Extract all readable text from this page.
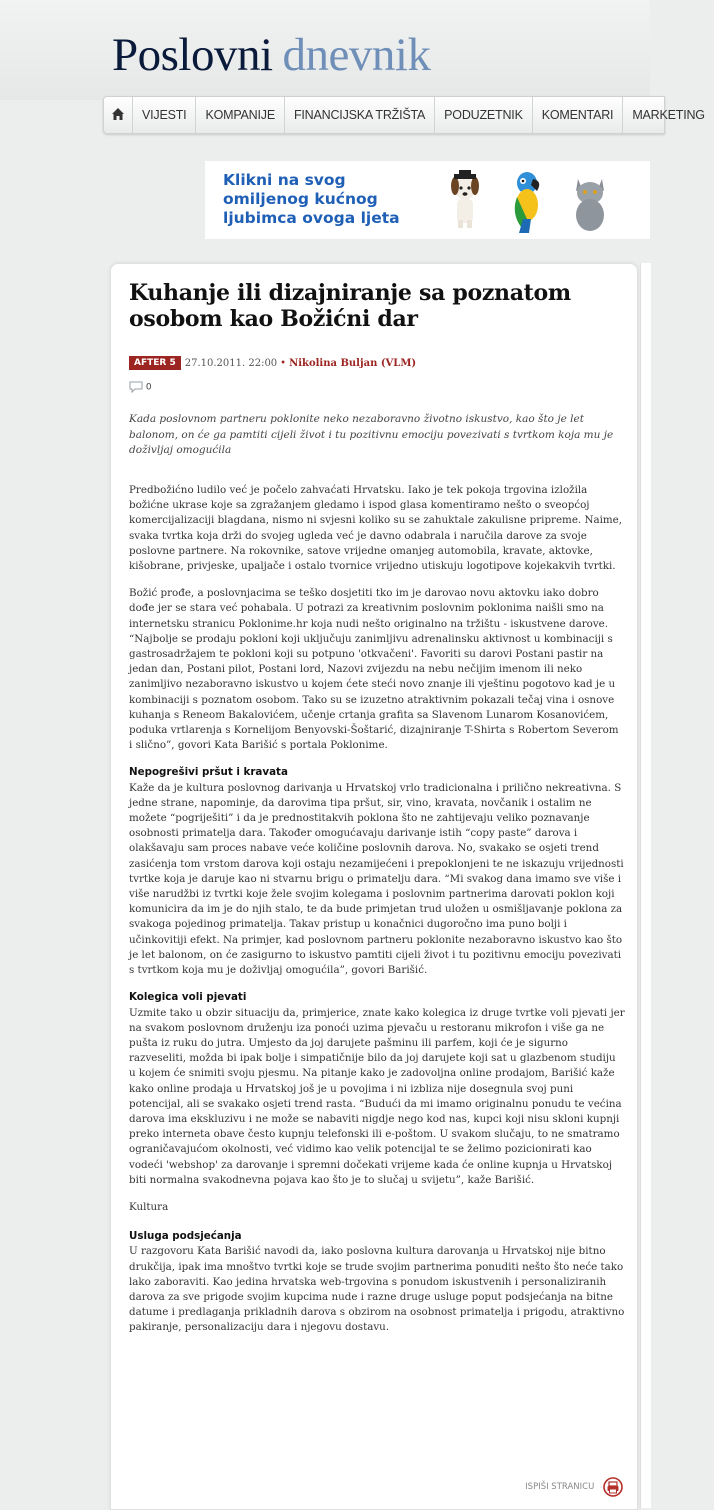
Poslovni dnevnik
VIJESTI KOMPANIJE FINANCIJSKA TRŽIŠTA PODUZETNIK KOMENTARI MARKETING
Klikni na svog
omiljenog kućnog
ljubimca ovoga ljeta
Kuhanje ili dizajniranje sa poznatom osobom kao Božićni dar
AFTER 5 27.10.2011. 22:00 • Nikolina Buljan (VLM)
0
Kada poslovnom partneru poklonite neko nezaboravno životno iskustvo, kao što je let balonom, on će ga pamtiti cijeli život i tu pozitivnu emociju povezivati s tvrtkom koja mu je doživljaj omogućila

Predbožićno ludilo već je počelo zahvaćati Hrvatsku. Iako je tek pokoja trgovina izložila božićne ukrase koje sa zgražanjem gledamo i ispod glasa komentiramo nešto o sveopćoj komercijalizaciji blagdana, nismo ni svjesni koliko su se zahuktale zakulisne pripreme. Naime, svaka tvrtka koja drži do svojeg ugleda već je davno odabrala i naručila darove za svoje poslovne partnere. Na rokovnike, satove vrijedne omanjeg automobila, kravate, aktovke, kišobrane, privjeske, upaljače i ostalo tvornice vrijedno utiskuju logotipove kojekakvih tvrtki.

Božić prođe, a poslovnjacima se teško dosjetiti tko im je darovao novu aktovku iako dobro dođe jer se stara već pohabala. U potrazi za kreativnim poslovnim poklonima naišli smo na internetsku stranicu Poklonime.hr koja nudi nešto originalno na tržištu - iskustvene darove. “Najbolje se prodaju pokloni koji uključuju zanimljivu adrenalinsku aktivnost u kombinaciji s gastrosadržajem te pokloni koji su potpuno 'otkvačeni'. Favoriti su darovi Postani pastir na jedan dan, Postani pilot, Postani lord, Nazovi zvijezdu na nebu nečijim imenom ili neko zanimljivo nezaboravno iskustvo u kojem ćete steći novo znanje ili vještinu pogotovo kad je u kombinaciji s poznatom osobom. Tako su se izuzetno atraktivnim pokazali tečaj vina i osnove kuhanja s Reneom Bakalovićem, učenje crtanja grafita sa Slavenom Lunarom Kosanovićem, poduka vrtlarenja s Kornelijom Benyovski-Šoštarić, dizajniranje T-Shirta s Robertom Severom i slično”, govori Kata Barišić s portala Poklonime.

Nepogrešivi pršut i kravata

Kaže da je kultura poslovnog darivanja u Hrvatskoj vrlo tradicionalna i prilično nekreativna. S jedne strane, napominje, da darovima tipa pršut, sir, vino, kravata, novčanik i ostalim ne možete “pogriješiti” i da je prednostitakvih poklona što ne zahtijevaju veliko poznavanje osobnosti primatelja dara. Također omogućavaju darivanje istih “copy paste” darova i olakšavaju sam proces nabave veće količine poslovnih darova. No, svakako se osjeti trend zasićenja tom vrstom darova koji ostaju nezamijećeni i prepoklonjeni te ne iskazuju vrijednosti tvrtke koja je daruje kao ni stvarnu brigu o primatelju dara. “Mi svakog dana imamo sve više i više narudžbi iz tvrtki koje žele svojim kolegama i poslovnim partnerima darovati poklon koji komunicira da im je do njih stalo, te da bude primjetan trud uložen u osmišljavanje poklona za svakoga pojedinog primatelja. Takav pristup u konačnici dugoročno ima puno bolji i učinkovitiji efekt. Na primjer, kad poslovnom partneru poklonite nezaboravno iskustvo kao što je let balonom, on će zasigurno to iskustvo pamtiti cijeli život i tu pozitivnu emociju povezivati s tvrtkom koja mu je doživljaj omogućila”, govori Barišić.

Kolegica voli pjevati

Uzmite tako u obzir situaciju da, primjerice, znate kako kolegica iz druge tvrtke voli pjevati jer na svakom poslovnom druženju iza ponoći uzima pjevaču u restoranu mikrofon i više ga ne pušta iz ruku do jutra. Umjesto da joj darujete pašminu ili parfem, koji će je sigurno razveseliti, možda bi ipak bolje i simpatičnije bilo da joj darujete koji sat u glazbenom studiju u kojem će snimiti svoju pjesmu. Na pitanje kako je zadovoljna online prodajom, Barišić kaže kako online prodaja u Hrvatskoj još je u povojima i ni izbliza nije dosegnula svoj puni potencijal, ali se svakako osjeti trend rasta. “Budući da mi imamo originalnu ponudu te većina darova ima ekskluzivu i ne može se nabaviti nigdje nego kod nas, kupci koji nisu skloni kupnji preko interneta obave često kupnju telefonski ili e-poštom. U svakom slučaju, to ne smatramo ograničavajućom okolnosti, već vidimo kao velik potencijal te se želimo pozicionirati kao vodeći 'webshop' za darovanje i spremni dočekati vrijeme kada će online kupnja u Hrvatskoj biti normalna svakodnevna pojava kao što je to slučaj u svijetu”, kaže Barišić.

Kultura

Usluga podsjećanja

U razgovoru Kata Barišić navodi da, iako poslovna kultura darovanja u Hrvatskoj nije bitno drukčija, ipak ima mnoštvo tvrtki koje se trude svojim partnerima ponuditi nešto što neće tako lako zaboraviti. Kao jedina hrvatska web-trgovina s ponudom iskustvenih i personaliziranih darova za sve prigode svojim kupcima nude i razne druge usluge poput podsjećanja na bitne datume i predlaganja prikladnih darova s obzirom na osobnost primatelja i prigodu, atraktivno pakiranje, personalizaciju dara i njegovu dostavu.

ISPIŠI STRANICU
